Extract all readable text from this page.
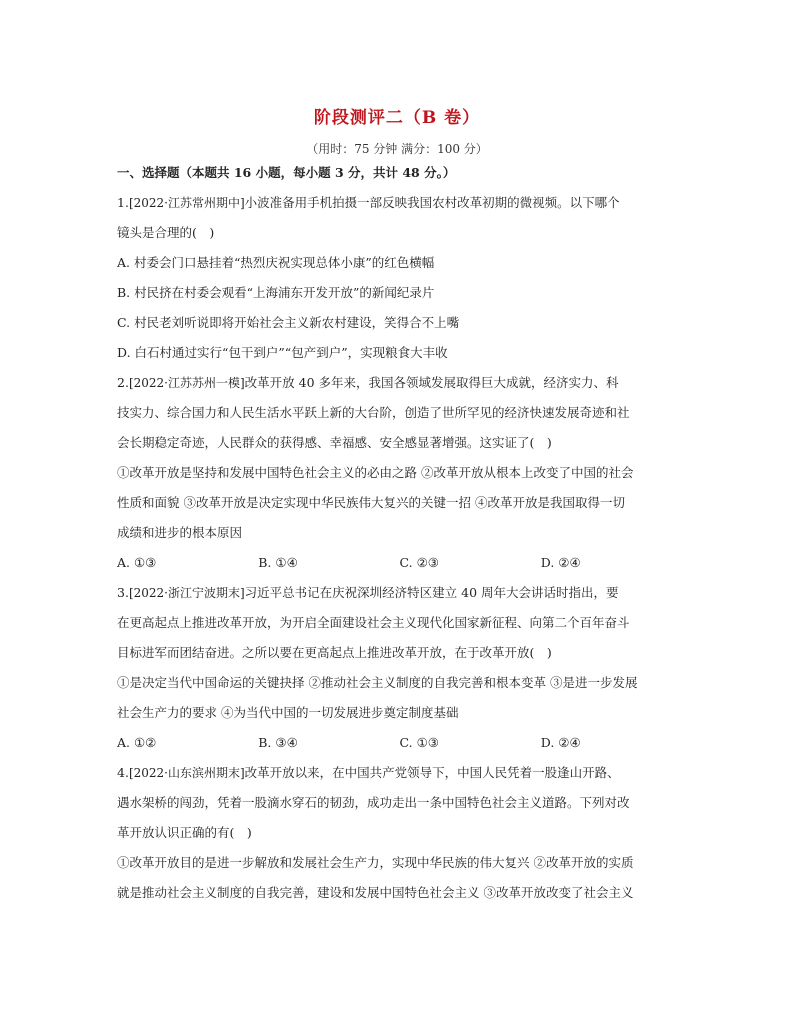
阶段测评二（B 卷）
（用时：75 分钟 满分：100 分）
一、选择题（本题共 16 小题，每小题 3 分，共计 48 分。）
1.[2022·江苏常州期中]小波准备用手机拍摄一部反映我国农村改革初期的微视频。以下哪个
镜头是合理的(　)
A. 村委会门口悬挂着“热烈庆祝实现总体小康”的红色横幅
B. 村民挤在村委会观看“上海浦东开发开放”的新闻纪录片
C. 村民老刘听说即将开始社会主义新农村建设，笑得合不上嘴
D. 白石村通过实行“包干到户”“包产到户”，实现粮食大丰收
2.[2022·江苏苏州一模]改革开放 40 多年来，我国各领域发展取得巨大成就，经济实力、科
技实力、综合国力和人民生活水平跃上新的大台阶，创造了世所罕见的经济快速发展奇迹和社
会长期稳定奇迹，人民群众的获得感、幸福感、安全感显著增强。这实证了(　)
①改革开放是坚持和发展中国特色社会主义的必由之路 ②改革开放从根本上改变了中国的社会
性质和面貌 ③改革开放是决定实现中华民族伟大复兴的关键一招 ④改革开放是我国取得一切
成绩和进步的根本原因
A. ①③	B. ①④	C. ②③	D. ②④
3.[2022·浙江宁波期末]习近平总书记在庆祝深圳经济特区建立 40 周年大会讲话时指出，要
在更高起点上推进改革开放，为开启全面建设社会主义现代化国家新征程、向第二个百年奋斗
目标进军而团结奋进。之所以要在更高起点上推进改革开放，在于改革开放(　)
①是决定当代中国命运的关键抉择 ②推动社会主义制度的自我完善和根本变革 ③是进一步发展
社会生产力的要求 ④为当代中国的一切发展进步奠定制度基础
A. ①②	B. ③④	C. ①③	D. ②④
4.[2022·山东滨州期末]改革开放以来，在中国共产党领导下，中国人民凭着一股逢山开路、
遇水架桥的闯劲，凭着一股滴水穿石的韧劲，成功走出一条中国特色社会主义道路。下列对改
革开放认识正确的有(　)
①改革开放目的是进一步解放和发展社会生产力，实现中华民族的伟大复兴 ②改革开放的实质
就是推动社会主义制度的自我完善，建设和发展中国特色社会主义 ③改革开放改变了社会主义
